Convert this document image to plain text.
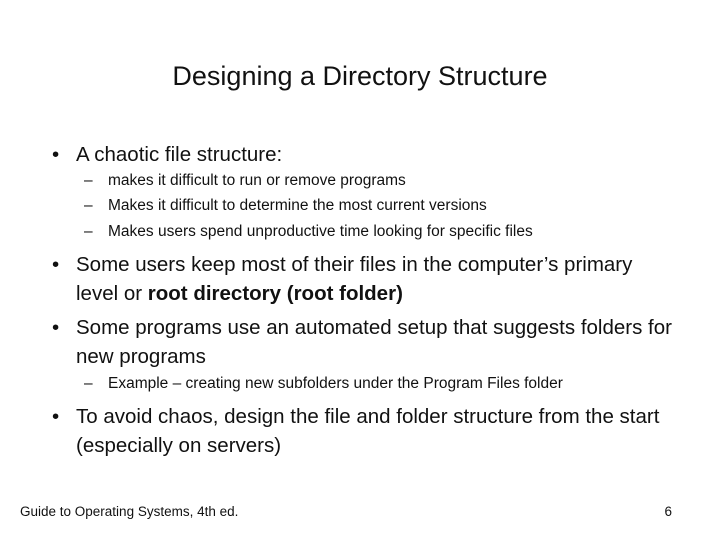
Designing a Directory Structure
• A chaotic file structure:
– makes it difficult to run or remove programs
– Makes it difficult to determine the most current versions
– Makes users spend unproductive time looking for specific files
• Some users keep most of their files in the computer’s primary level or root directory (root folder)
• Some programs use an automated setup that suggests folders for new programs
– Example – creating new subfolders under the Program Files folder
• To avoid chaos, design the file and folder structure from the start (especially on servers)
Guide to Operating Systems, 4th ed.	6
